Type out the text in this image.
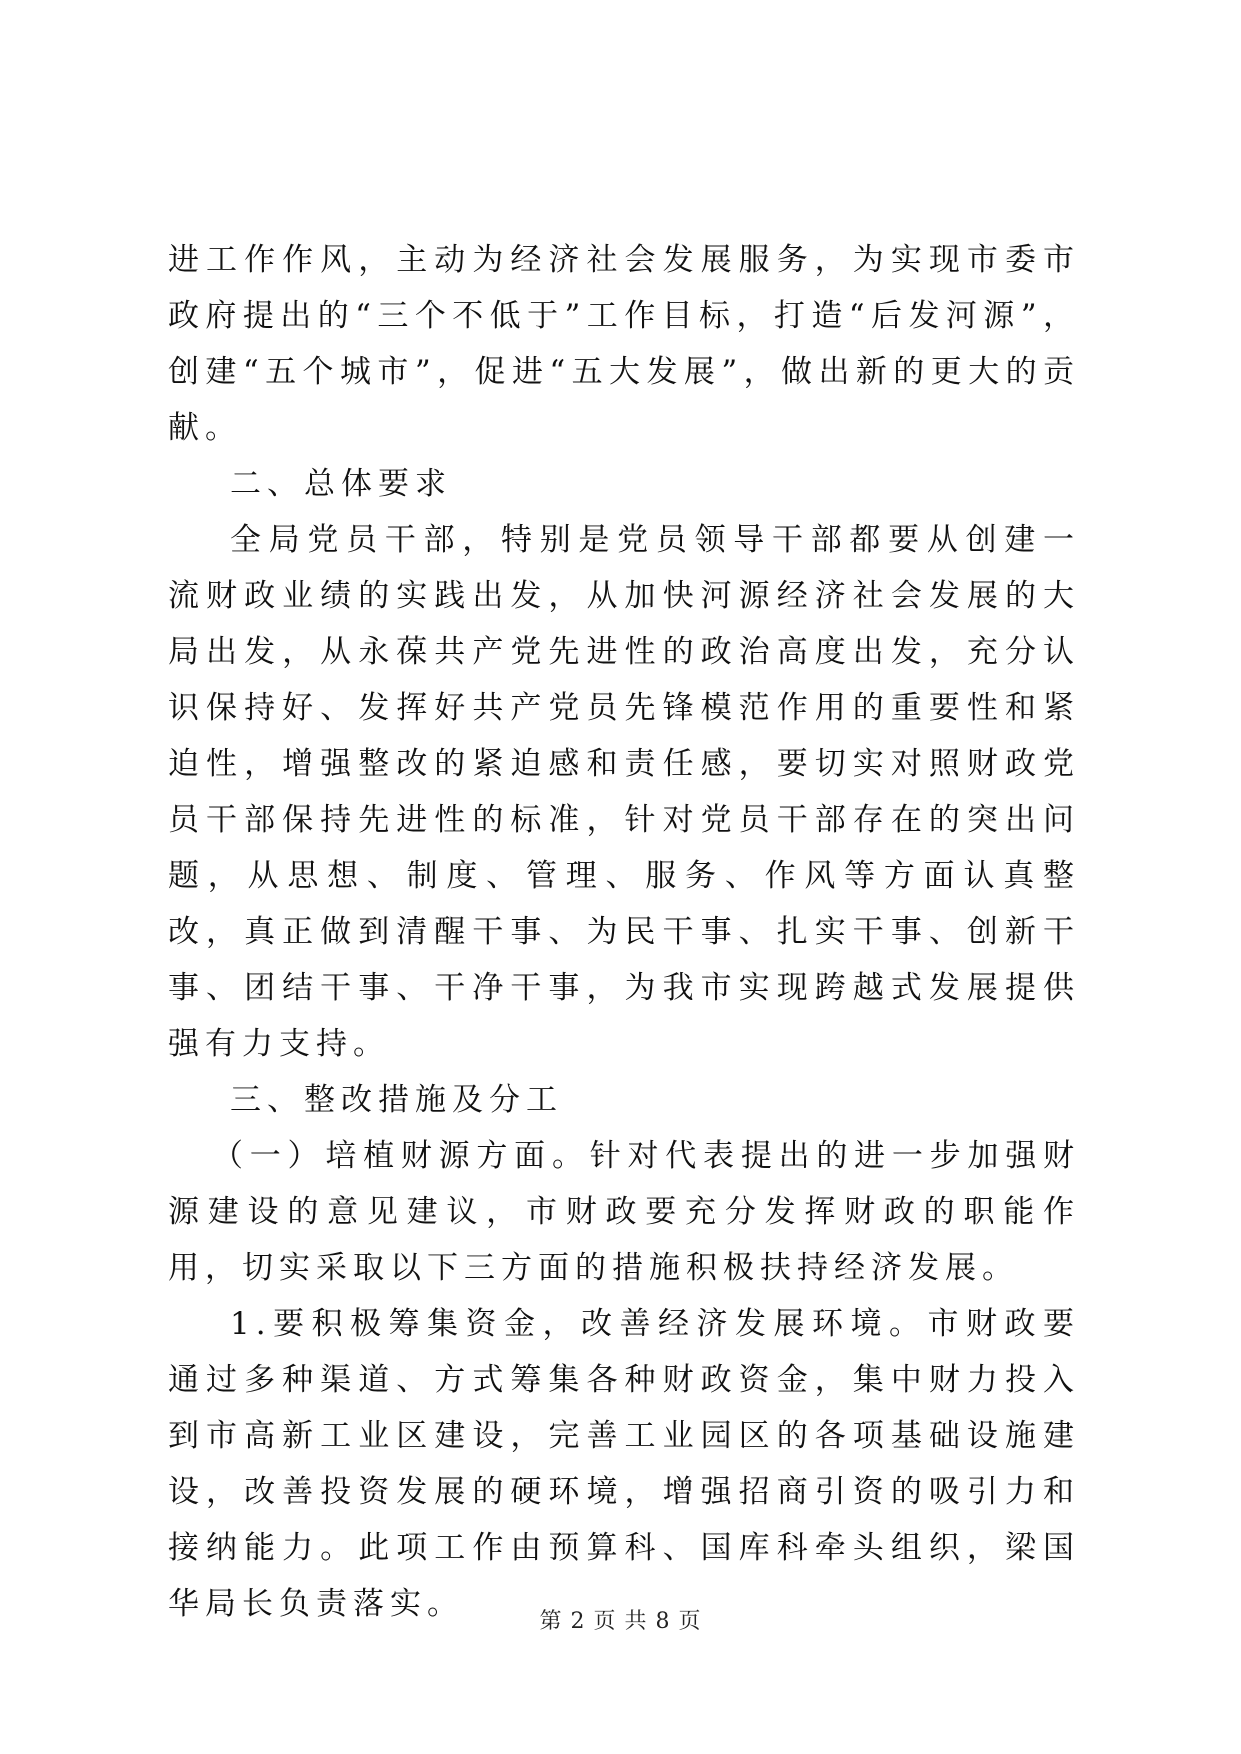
进工作作风，主动为经济社会发展服务，为实现市委市政府提出的“三个不低于”工作目标，打造“后发河源”，创建“五个城市”，促进“五大发展”，做出新的更大的贡献。

二、总体要求

全局党员干部，特别是党员领导干部都要从创建一流财政业绩的实践出发，从加快河源经济社会发展的大局出发，从永葆共产党先进性的政治高度出发，充分认识保持好、发挥好共产党员先锋模范作用的重要性和紧迫性，增强整改的紧迫感和责任感，要切实对照财政党员干部保持先进性的标准，针对党员干部存在的突出问题，从思想、制度、管理、服务、作风等方面认真整改，真正做到清醒干事、为民干事、扎实干事、创新干事、团结干事、干净干事，为我市实现跨越式发展提供强有力支持。

三、整改措施及分工

（一）培植财源方面。针对代表提出的进一步加强财源建设的意见建议，市财政要充分发挥财政的职能作用，切实采取以下三方面的措施积极扶持经济发展。

1.要积极筹集资金，改善经济发展环境。市财政要通过多种渠道、方式筹集各种财政资金，集中财力投入到市高新工业区建设，完善工业园区的各项基础设施建设，改善投资发展的硬环境，增强招商引资的吸引力和接纳能力。此项工作由预算科、国库科牵头组织，梁国华局长负责落实。	第 2 页 共 8 页
